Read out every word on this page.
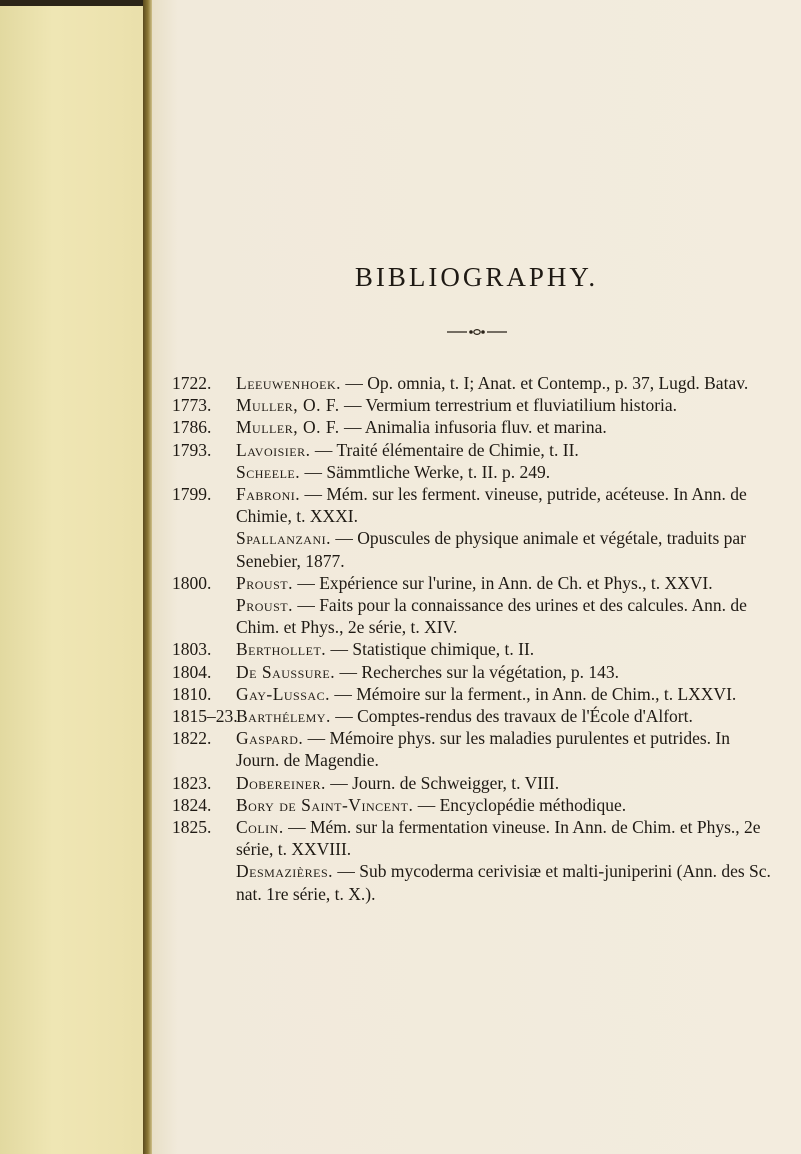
BIBLIOGRAPHY.

1722. Leeuwenhoek. — Op. omnia, t. I; Anat. et Contemp., p. 37, Lugd. Batav.

1773. Muller, O. F. — Vermium terrestrium et fluviatilium historia.

1786. Muller, O. F. — Animalia infusoria fluv. et marina.

1793. Lavoisier. — Traité élémentaire de Chimie, t. II.

Scheele. — Sämmtliche Werke, t. II. p. 249.

1799. Fabroni. — Mém. sur les ferment. vineuse, putride, acéteuse. In Ann. de Chimie, t. XXXI.

Spallanzani. — Opuscules de physique animale et végétale, traduits par Senebier, 1877.

1800. Proust. — Expérience sur l'urine, in Ann. de Ch. et Phys., t. XXVI.

Proust. — Faits pour la connaissance des urines et des calcules. Ann. de Chim. et Phys., 2e série, t. XIV.

1803. Berthollet. — Statistique chimique, t. II.

1804. De Saussure. — Recherches sur la végétation, p. 143.

1810. Gay-Lussac. — Mémoire sur la ferment., in Ann. de Chim., t. LXXVI.

1815–23.
Barthélemy. — Comptes-rendus des travaux de l'École d'Alfort.

1822. Gaspard. — Mémoire phys. sur les maladies purulentes et putrides. In Journ. de Magendie.

1823. Dobereiner. — Journ. de Schweigger, t. VIII.

1824. Bory de Saint-Vincent. — Encyclopédie méthodique.

1825. Colin. — Mém. sur la fermentation vineuse. In Ann. de Chim. et Phys., 2e série, t. XXVIII.

Desmazières. — Sub mycoderma cerivisiæ et malti-juniperini (Ann. des Sc. nat. 1re série, t. X.).
